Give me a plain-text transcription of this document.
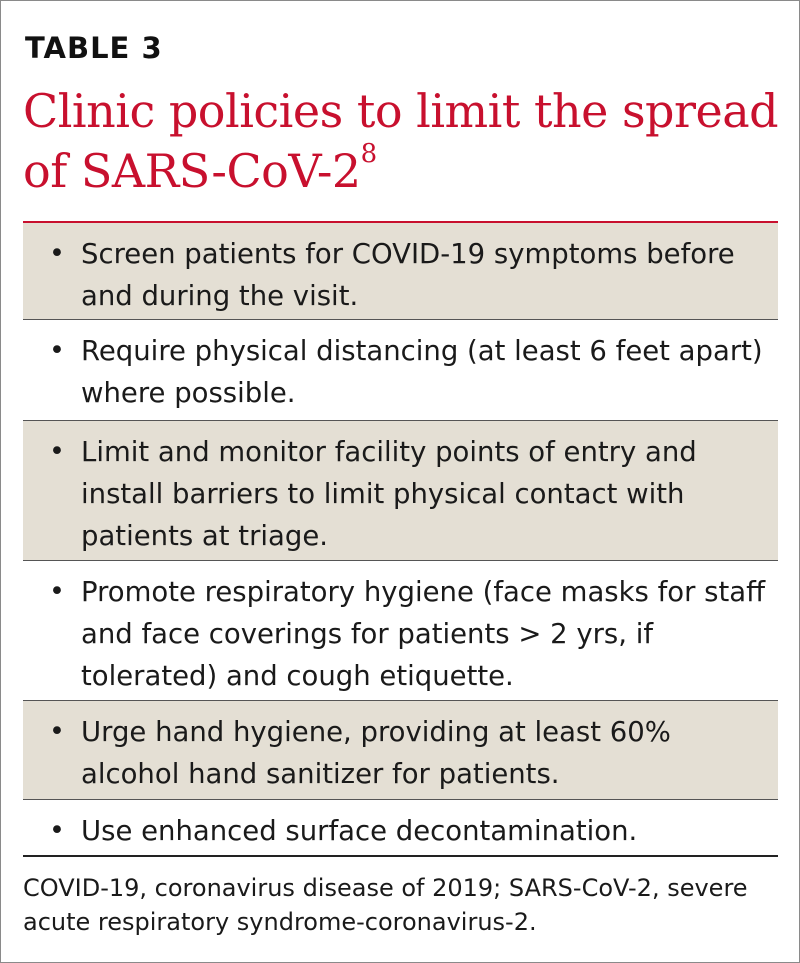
TABLE 3
Clinic policies to limit the spread of SARS-$CoV-2^8$
• Screen patients for COVID-19 symptoms before and during the visit.
• Require physical distancing (at least 6 feet apart) where possible.
• Limit and monitor facility points of entry and install barriers to limit physical contact with patients at triage.
• Promote respiratory hygiene (face masks for staff and face coverings for patients > 2 yrs, if tolerated) and cough etiquette.
• Urge hand hygiene, providing at least 60% alcohol hand sanitizer for patients.
• Use enhanced surface decontamination.
COVID-19, coronavirus disease of 2019; SARS-CoV-2, severe acute respiratory syndrome-coronavirus-2.
